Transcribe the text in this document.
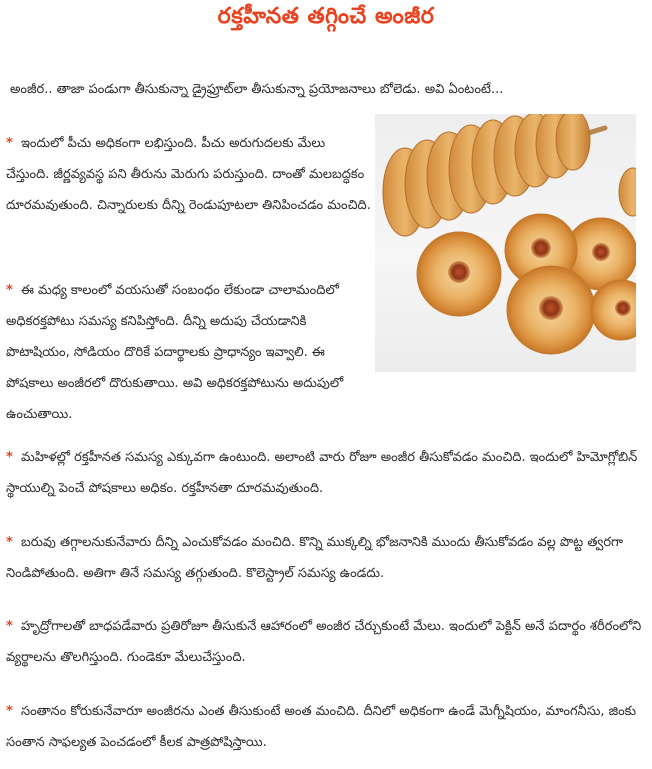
రక్తహీనత తగ్గించే అంజీర

అంజీర.. తాజా పండుగా తీసుకున్నా డ్రైఫ్రూట్‌లా తీసుకున్నా ప్రయోజనాలు బోలెడు. అవి ఏంటంటే...

* ఇందులో పీచు అధికంగా లభిస్తుంది. పీచు అరుగుదలకు మేలు చేస్తుంది. జీర్ణవ్యవస్థ పని తీరును మెరుగు పరుస్తుంది. దాంతో మలబద్ధకం దూరమవుతుంది. చిన్నారులకు దీన్ని రెండుపూటలా తినిపించడం మంచిది.

* ఈ మధ్య కాలంలో వయసుతో సంబంధం లేకుండా చాలామందిలో అధికరక్తపోటు సమస్య కనిపిస్తోంది. దీన్ని అదుపు చేయడానికి పొటాషియం, సోడియం దొరికే పదార్థాలకు ప్రాధాన్యం ఇవ్వాలి. ఈ పోషకాలు అంజీరలో దొరుకుతాయి. అవి అధికరక్తపోటును అదుపులో ఉంచుతాయి.

* మహిళల్లో రక్తహీనత సమస్య ఎక్కువగా ఉంటుంది. అలాంటి వారు రోజూ అంజీర తీసుకోవడం మంచిది. ఇందులో హిమోగ్లోబిన్ స్థాయుల్ని పెంచే పోషకాలు అధికం. రక్తహీనతా దూరమవుతుంది.

* బరువు తగ్గాలనుకునేవారు దీన్ని ఎంచుకోవడం మంచిది. కొన్ని ముక్కల్ని భోజనానికి ముందు తీసుకోవడం వల్ల పొట్ట త్వరగా నిండిపోతుంది. అతిగా తినే సమస్య తగ్గుతుంది. కొలెస్ట్రాల్ సమస్య ఉండదు.

* హృద్రోగాలతో బాధపడేవారు ప్రతిరోజూ తీసుకునే ఆహారంలో అంజీర చేర్చుకుంటే మేలు. ఇందులో పెక్టిన్ అనే పదార్థం శరీరంలోని వ్యర్థాలను తొలగిస్తుంది. గుండెకూ మేలుచేస్తుంది.

* సంతానం కోరుకునేవారూ అంజీరను ఎంత తీసుకుంటే అంత మంచిది. దీనిలో అధికంగా ఉండే మెగ్నీషియం, మాంగనీసు, జింకు సంతాన సాఫల్యత పెంచడంలో కీలక పాత్రపోషిస్తాయి.
